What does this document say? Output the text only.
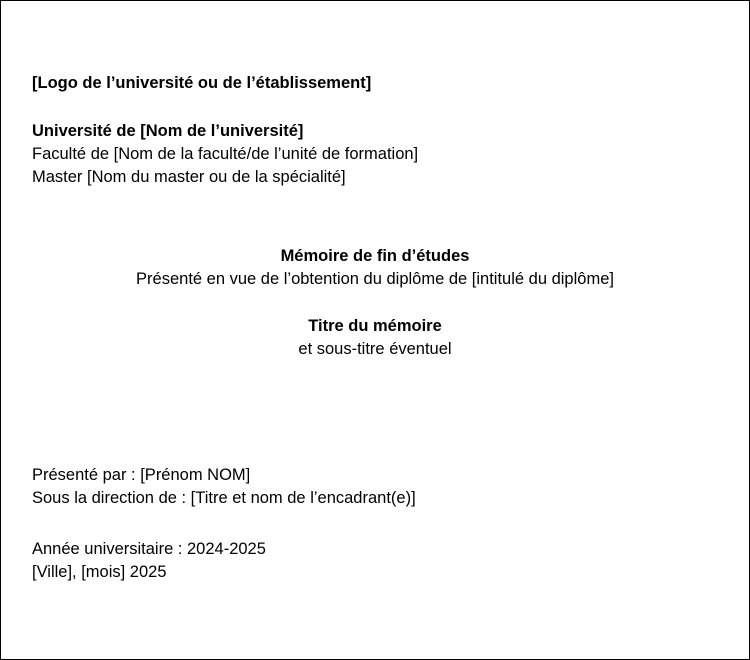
[Logo de l’université ou de l’établissement]
Université de [Nom de l’université]
Faculté de [Nom de la faculté/de l’unité de formation]
Master [Nom du master ou de la spécialité]
Mémoire de fin d’études
Présenté en vue de l’obtention du diplôme de [intitulé du diplôme]
Titre du mémoire
et sous-titre éventuel
Présenté par : [Prénom NOM]
Sous la direction de : [Titre et nom de l’encadrant(e)]
Année universitaire : 2024-2025
[Ville], [mois] 2025
